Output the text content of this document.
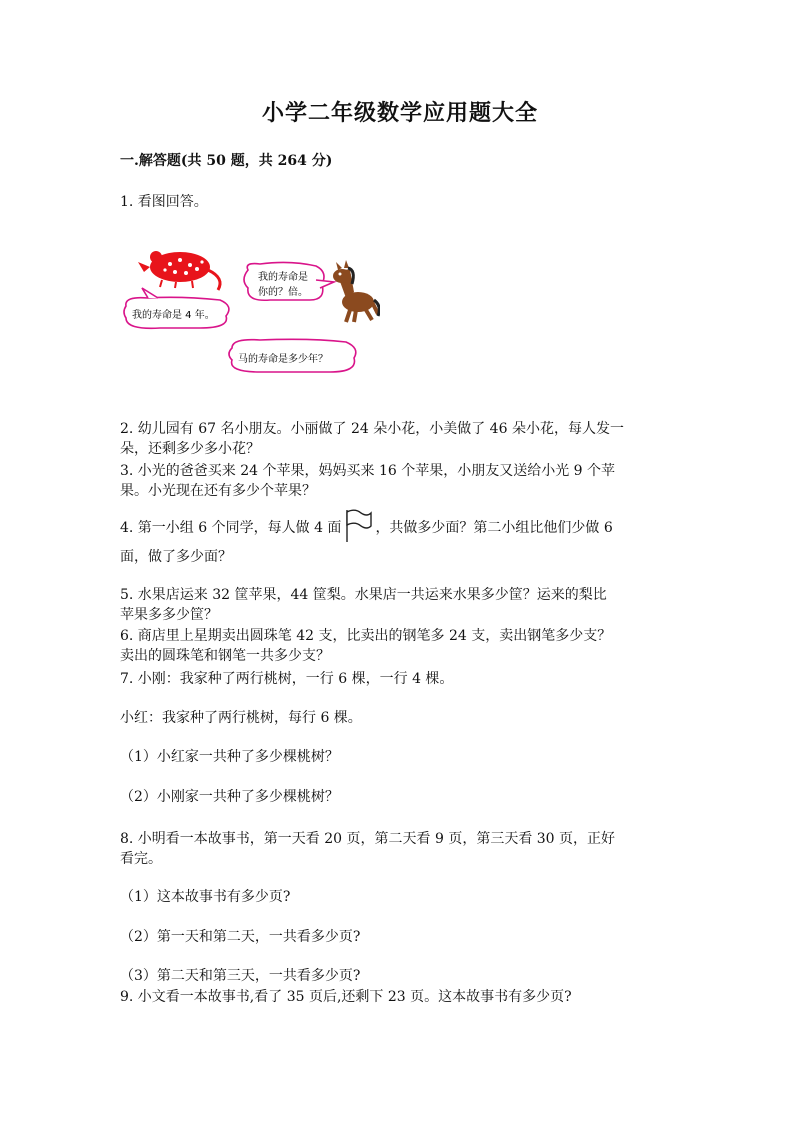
小学二年级数学应用题大全
一.解答题(共 50 题，共 264 分)
1. 看图回答。
我的寿命是 4 年。
我的寿命是
你的？倍。
马的寿命是多少年？
2. 幼儿园有 67 名小朋友。小丽做了 24 朵小花，小美做了 46 朵小花，每人发一
朵，还剩多少多小花？
3. 小光的爸爸买来 24 个苹果，妈妈买来 16 个苹果，小朋友又送给小光 9 个苹
果。小光现在还有多少个苹果？
4. 第一小组 6 个同学，每人做 4 面 ，共做多少面？第二小组比他们少做 6
面，做了多少面？
5. 水果店运来 32 筐苹果，44 筐梨。水果店一共运来水果多少筐？运来的梨比
苹果多多少筐？
6. 商店里上星期卖出圆珠笔 42 支，比卖出的钢笔多 24 支，卖出钢笔多少支？
卖出的圆珠笔和钢笔一共多少支？
7. 小刚：我家种了两行桃树，一行 6 棵，一行 4 棵。
小红：我家种了两行桃树，每行 6 棵。
（1）小红家一共种了多少棵桃树？
（2）小刚家一共种了多少棵桃树？
8. 小明看一本故事书，第一天看 20 页，第二天看 9 页，第三天看 30 页，正好
看完。
（1）这本故事书有多少页?
（2）第一天和第二天，一共看多少页?
（3）第二天和第三天，一共看多少页?
9. 小文看一本故事书,看了 35 页后,还剩下 23 页。这本故事书有多少页?
